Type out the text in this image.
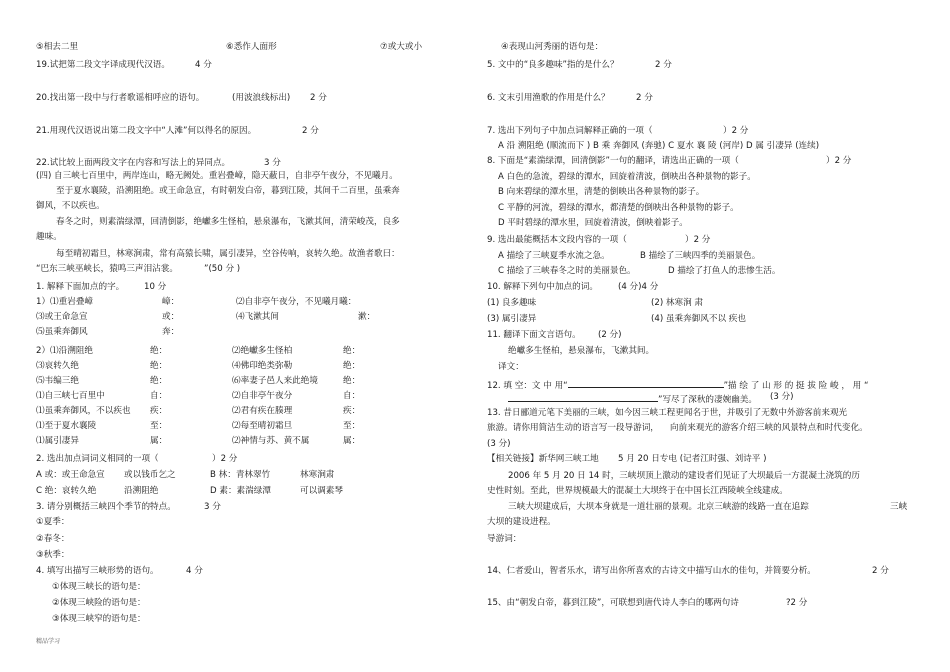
⑤相去二里	⑥悉作人面形	⑦或大或小
19.试把第二段文字译成现代汉语。	4 分
20.找出第一段中与行者歌谣相呼应的语句。	(用波浪线标出) 2 分
21.用现代汉语说出第二段文字中“人滩”何以得名的原因。	2 分
22.试比较上面两段文字在内容和写法上的异同点。	3 分
(四) 自三峡七百里中，两岸连山，略无阙处。重岩叠嶂，隐天蔽日，自非亭午夜分，不见曦月。
至于夏水襄陵，沿溯阻绝。或王命急宣，有时朝发白帝，暮到江陵，其间千二百里，虽乘奔
御风，不以疾也。
春冬之时，则素湍绿潭，回清倒影，绝巘多生怪柏，悬泉瀑布，飞漱其间，清荣峻茂，良多
趣味。
每至晴初霜旦，林寒涧肃，常有高猿长啸，属引凄异，空谷传响，哀转久绝。故渔者歌曰：
“巴东三峡巫峡长，猿鸣三声泪沾裳。	”(50 分 )
1. 解释下面加点的字。 10 分
1）⑴重岩叠嶂	嶂：	⑵自非亭午夜分，不见曦月曦：
⑶或王命急宣	或：	⑷飞漱其间	漱：
⑸虽乘奔御风	奔：
2）⑴沿溯阻绝	绝：	⑵绝巘多生怪柏	绝：
⑶哀转久绝	绝：	⑷佛印绝类弥勒	绝：
⑸韦编三绝	绝：	⑹率妻子邑人来此绝境	绝：
⑴自三峡七百里中	自：	⑵自非亭午夜分	自：
⑴虽乘奔御风，不以疾也 疾：	⑵君有疾在腠理	疾：
⑴至于夏水襄陵	至：	⑵每至晴初霜旦	至：
⑴属引凄异	属：	⑵神情与苏、黄不属	属：
2. 选出加点词词义相同的一项（	）2 分
A 或：或王命急宣 或以钱币乞之	B 林：青林翠竹	林寒涧肃
C 绝：哀转久绝	沿溯阻绝	D 素：素湍绿潭	可以调素琴
3. 请分别概括三峡四个季节的特点。	3 分
①夏季：
②春冬：
③秋季：
4. 填写出描写三峡形势的语句。	4 分
①体现三峡长的语句是：
②体现三峡险的语句是：
③体现三峡窄的语句是：
精品学习
④表现山河秀丽的语句是：
5. 文中的“良多趣味”指的是什么？	2 分
6. 文末引用渔歌的作用是什么？	2 分
7. 选出下列句子中加点词解释正确的一项（	）2 分
A 沿 溯阻绝 (顺流而下 ) B 乘 奔御风 (奔驰) C 夏水 襄 陵 (河岸) D 属 引凄异 (连续)
8. 下面是“素湍绿潭，回清倒影”一句的翻译，请选出正确的一项（	）2 分
A 白色的急流，碧绿的潭水，回旋着清波，倒映出各种景物的影子。
B 向来碧绿的潭水里，清楚的倒映出各种景物的影子。
C 平静的河流，碧绿的潭水，都清楚的倒映出各种景物的影子。
D 平时碧绿的潭水里，回旋着清波，倒映着影子。
9. 选出最能概括本文段内容的一项（	）2 分
A 描绘了三峡夏季水流之急。	B 描绘了三峡四季的美丽景色。
C 描绘了三峡春冬之时的美丽景色。	D 描绘了打鱼人的悲惨生活。
10. 解释下列句中加点的词。 (4 分)4 分
(1) 良多趣味	(2) 林寒涧 肃
(3) 属引凄异	(4) 虽乘奔御风不以 疾也
11. 翻译下面文言语句。 (2 分)
绝巘多生怪柏，悬泉瀑布，飞漱其间。
译文：
12. 填 空：文 中 用“	”描 绘 了 山 形 的 挺 拔 险 峻 ， 用 “
”写尽了深秋的凄婉幽美。 (3 分)
13. 昔日郦道元笔下美丽的三峡，如今因三峡工程更闻名于世，并吸引了无数中外游客前来观光
旅游。请你用简洁生动的语言写一段导游词， 向前来观光的游客介绍三峡的风景特点和时代变化。
(3 分)
【相关链接】新华网三峡工地 5 月 20 日专电 (记者江时强、刘诗平 )
2006 年 5 月 20 日 14 时，三峡坝顶上激动的建设者们见证了大坝最后一方混凝土浇筑的历
史性时刻。至此，世界规模最大的混凝土大坝终于在中国长江西陵峡全线建成。
三峡大坝建成后，大坝本身就是一道壮丽的景观。北京三峡游的线路一直在追踪	三峡
大坝的建设进程。
导游词：
14、仁者爱山，智者乐水，请写出你所喜欢的古诗文中描写山水的佳句，并简要分析。	2 分
15、由“朝发白帝，暮到江陵”，可联想到唐代诗人李白的哪两句诗	?2 分
